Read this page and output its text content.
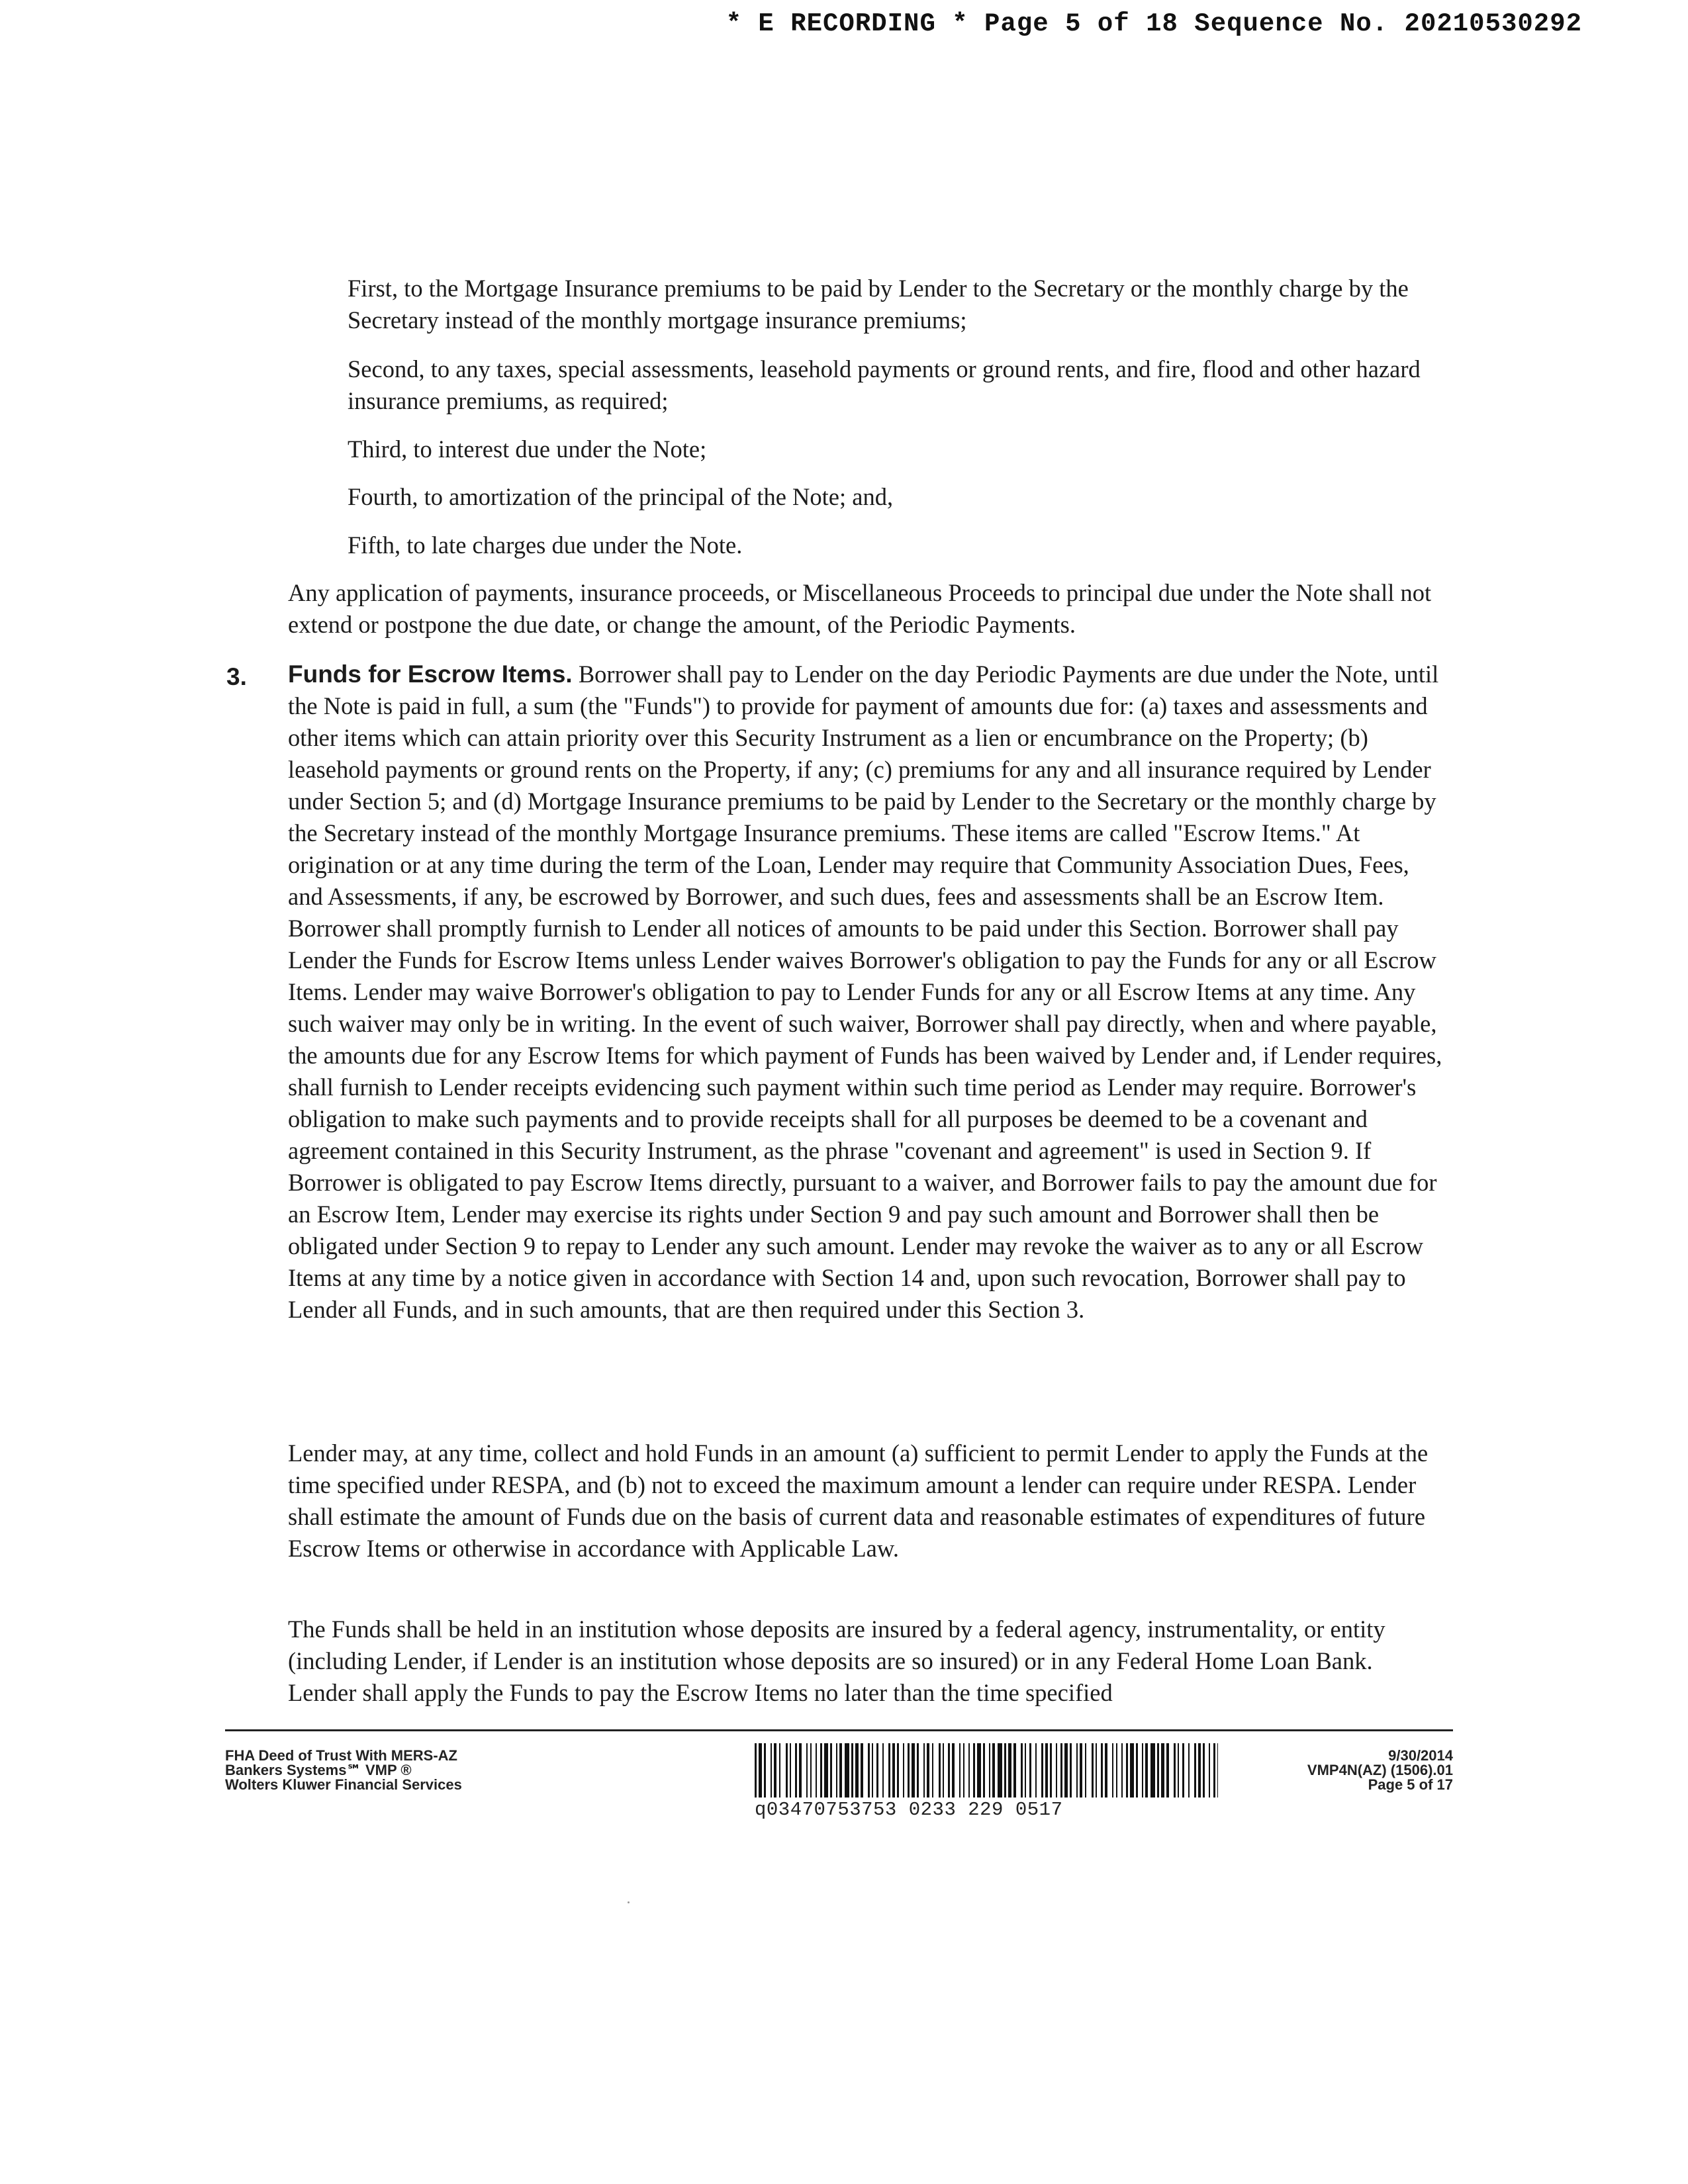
* E RECORDING * Page 5 of 18 Sequence No. 20210530292

First, to the Mortgage Insurance premiums to be paid by Lender to the Secretary or the monthly charge by the Secretary instead of the monthly mortgage insurance premiums;

Second, to any taxes, special assessments, leasehold payments or ground rents, and fire, flood and other hazard insurance premiums, as required;

Third, to interest due under the Note;

Fourth, to amortization of the principal of the Note; and,

Fifth, to late charges due under the Note.

Any application of payments, insurance proceeds, or Miscellaneous Proceeds to principal due under the Note shall not extend or postpone the due date, or change the amount, of the Periodic Payments.

3. Funds for Escrow Items. Borrower shall pay to Lender on the day Periodic Payments are due under the Note, until the Note is paid in full, a sum (the "Funds") to provide for payment of amounts due for: (a) taxes and assessments and other items which can attain priority over this Security Instrument as a lien or encumbrance on the Property; (b) leasehold payments or ground rents on the Property, if any; (c) premiums for any and all insurance required by Lender under Section 5; and (d) Mortgage Insurance premiums to be paid by Lender to the Secretary or the monthly charge by the Secretary instead of the monthly Mortgage Insurance premiums. These items are called "Escrow Items." At origination or at any time during the term of the Loan, Lender may require that Community Association Dues, Fees, and Assessments, if any, be escrowed by Borrower, and such dues, fees and assessments shall be an Escrow Item. Borrower shall promptly furnish to Lender all notices of amounts to be paid under this Section. Borrower shall pay Lender the Funds for Escrow Items unless Lender waives Borrower's obligation to pay the Funds for any or all Escrow Items. Lender may waive Borrower's obligation to pay to Lender Funds for any or all Escrow Items at any time. Any such waiver may only be in writing. In the event of such waiver, Borrower shall pay directly, when and where payable, the amounts due for any Escrow Items for which payment of Funds has been waived by Lender and, if Lender requires, shall furnish to Lender receipts evidencing such payment within such time period as Lender may require. Borrower's obligation to make such payments and to provide receipts shall for all purposes be deemed to be a covenant and agreement contained in this Security Instrument, as the phrase "covenant and agreement" is used in Section 9. If Borrower is obligated to pay Escrow Items directly, pursuant to a waiver, and Borrower fails to pay the amount due for an Escrow Item, Lender may exercise its rights under Section 9 and pay such amount and Borrower shall then be obligated under Section 9 to repay to Lender any such amount. Lender may revoke the waiver as to any or all Escrow Items at any time by a notice given in accordance with Section 14 and, upon such revocation, Borrower shall pay to Lender all Funds, and in such amounts, that are then required under this Section 3.

Lender may, at any time, collect and hold Funds in an amount (a) sufficient to permit Lender to apply the Funds at the time specified under RESPA, and (b) not to exceed the maximum amount a lender can require under RESPA. Lender shall estimate the amount of Funds due on the basis of current data and reasonable estimates of expenditures of future Escrow Items or otherwise in accordance with Applicable Law.

The Funds shall be held in an institution whose deposits are insured by a federal agency, instrumentality, or entity (including Lender, if Lender is an institution whose deposits are so insured) or in any Federal Home Loan Bank. Lender shall apply the Funds to pay the Escrow Items no later than the time specified

FHA Deed of Trust With MERS-AZ
Bankers Systems℠ VMP ®
Wolters Kluwer Financial Services
q03470753753 0233 229 0517
9/30/2014
VMP4N(AZ) (1506).01
Page 5 of 17
